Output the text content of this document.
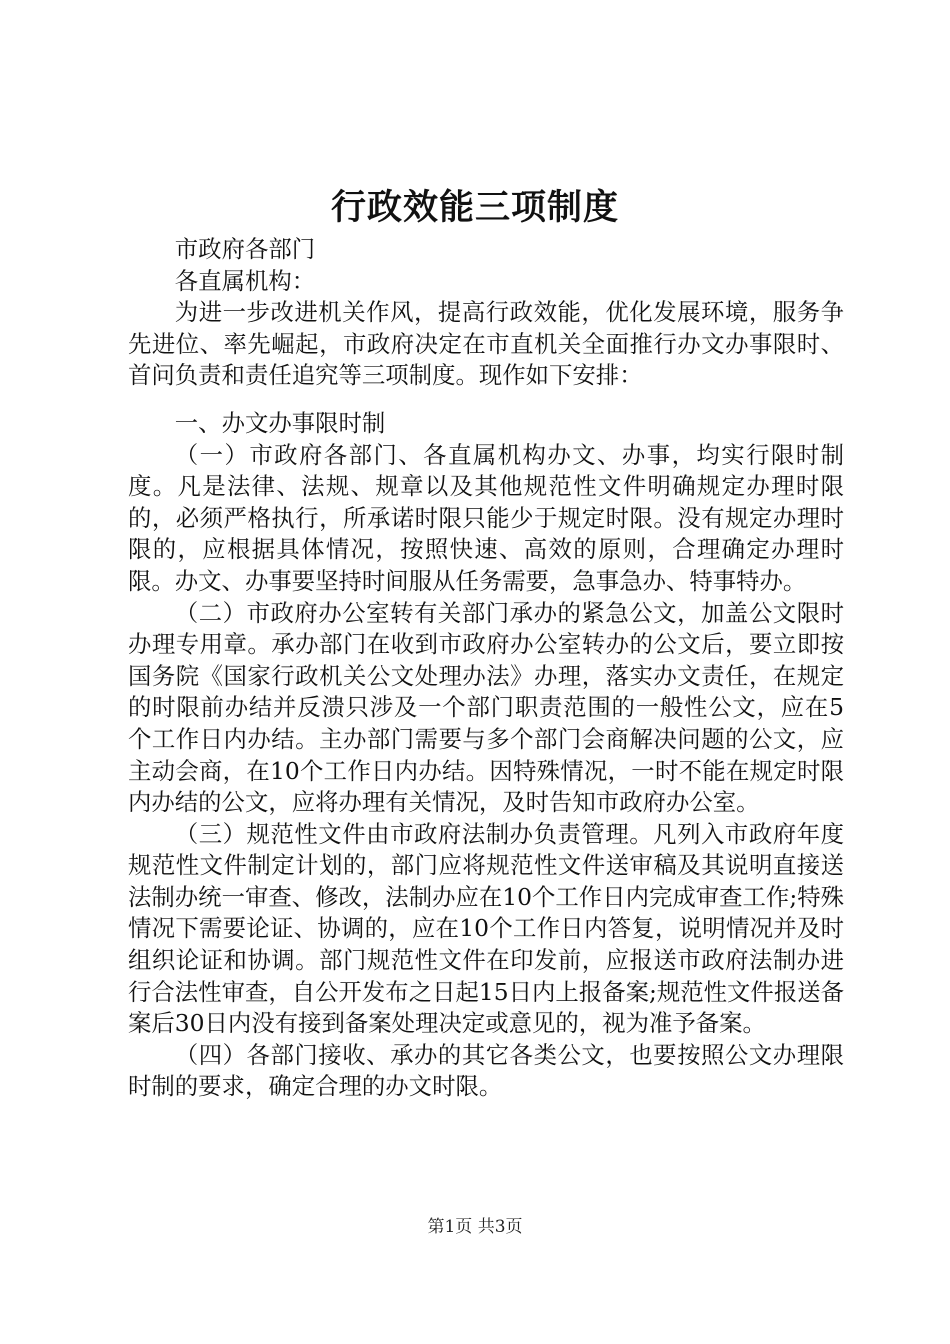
行政效能三项制度

市政府各部门

各直属机构：

为进一步改进机关作风，提高行政效能，优化发展环境，服务争先进位、率先崛起，市政府决定在市直机关全面推行办文办事限时、首问负责和责任追究等三项制度。现作如下安排：

一、办文办事限时制

（一）市政府各部门、各直属机构办文、办事，均实行限时制度。凡是法律、法规、规章以及其他规范性文件明确规定办理时限的，必须严格执行，所承诺时限只能少于规定时限。没有规定办理时限的，应根据具体情况，按照快速、高效的原则，合理确定办理时限。办文、办事要坚持时间服从任务需要，急事急办、特事特办。

（二）市政府办公室转有关部门承办的紧急公文，加盖公文限时办理专用章。承办部门在收到市政府办公室转办的公文后，要立即按国务院《国家行政机关公文处理办法》办理，落实办文责任，在规定的时限前办结并反溃只涉及一个部门职责范围的一般性公文，应在5个工作日内办结。主办部门需要与多个部门会商解决问题的公文，应主动会商，在10个工作日内办结。因特殊情况，一时不能在规定时限内办结的公文，应将办理有关情况，及时告知市政府办公室。

（三）规范性文件由市政府法制办负责管理。凡列入市政府年度规范性文件制定计划的，部门应将规范性文件送审稿及其说明直接送法制办统一审查、修改，法制办应在10个工作日内完成审查工作;特殊情况下需要论证、协调的，应在10个工作日内答复，说明情况并及时组织论证和协调。部门规范性文件在印发前，应报送市政府法制办进行合法性审查，自公开发布之日起15日内上报备案;规范性文件报送备案后30日内没有接到备案处理决定或意见的，视为准予备案。

（四）各部门接收、承办的其它各类公文，也要按照公文办理限时制的要求，确定合理的办文时限。

第1页 共3页
